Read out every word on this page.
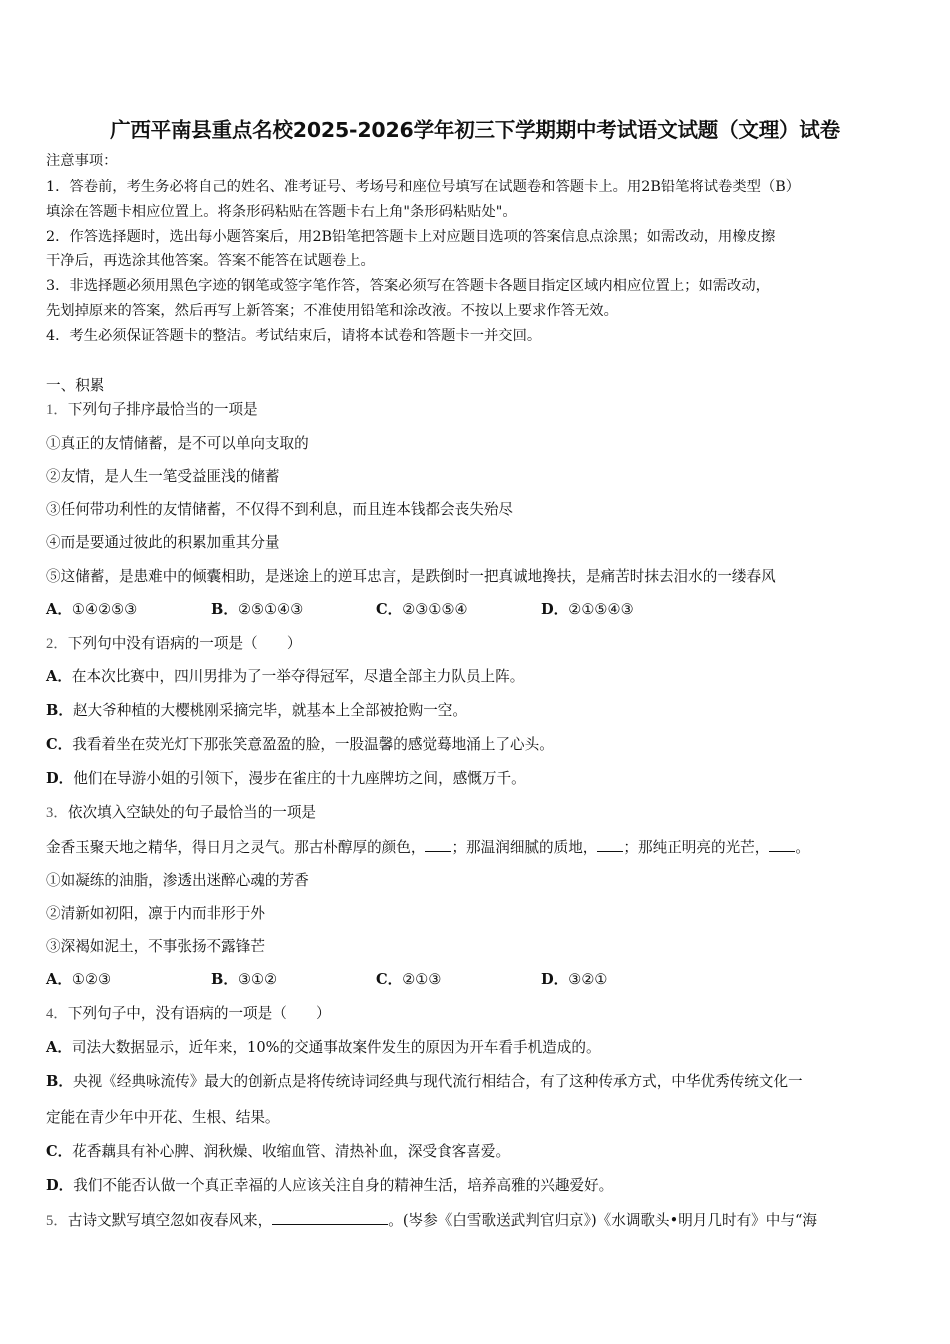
广西平南县重点名校2025-2026学年初三下学期期中考试语文试题（文理）试卷
注意事项：
1．答卷前，考生务必将自己的姓名、准考证号、考场号和座位号填写在试题卷和答题卡上。用2B铅笔将试卷类型（B）
填涂在答题卡相应位置上。将条形码粘贴在答题卡右上角"条形码粘贴处"。
2．作答选择题时，选出每小题答案后，用2B铅笔把答题卡上对应题目选项的答案信息点涂黑；如需改动，用橡皮擦
干净后，再选涂其他答案。答案不能答在试题卷上。
3．非选择题必须用黑色字迹的钢笔或签字笔作答，答案必须写在答题卡各题目指定区域内相应位置上；如需改动，
先划掉原来的答案，然后再写上新答案；不准使用铅笔和涂改液。不按以上要求作答无效。
4．考生必须保证答题卡的整洁。考试结束后，请将本试卷和答题卡一并交回。
一、积累
1．下列句子排序最恰当的一项是
①真正的友情储蓄，是不可以单向支取的
②友情，是人生一笔受益匪浅的储蓄
③任何带功利性的友情储蓄，不仅得不到利息，而且连本钱都会丧失殆尽
④而是要通过彼此的积累加重其分量
⑤这储蓄，是患难中的倾囊相助，是迷途上的逆耳忠言，是跌倒时一把真诚地搀扶，是痛苦时抹去泪水的一缕春风
A．①④②⑤③	B．②⑤①④③	C．②③①⑤④	D．②①⑤④③
2．下列句中没有语病的一项是（　　）
A．在本次比赛中，四川男排为了一举夺得冠军，尽遣全部主力队员上阵。
B．赵大爷种植的大樱桃刚采摘完毕，就基本上全部被抢购一空。
C．我看着坐在荧光灯下那张笑意盈盈的脸，一股温馨的感觉蓦地涌上了心头。
D．他们在导游小姐的引领下，漫步在雀庄的十九座牌坊之间，感慨万千。
3．依次填入空缺处的句子最恰当的一项是
金香玉聚天地之精华，得日月之灵气。那古朴醇厚的颜色， ；那温润细腻的质地， ；那纯正明亮的光芒， 。
①如凝练的油脂，渗透出迷醉心魂的芳香
②清新如初阳，凛于内而非形于外
③深褐如泥土，不事张扬不露锋芒
A．①②③	B．③①②	C．②①③	D．③②①
4．下列句子中，没有语病的一项是（　　）
A．司法大数据显示，近年来，10%的交通事故案件发生的原因为开车看手机造成的。
B．央视《经典咏流传》最大的创新点是将传统诗词经典与现代流行相结合，有了这种传承方式，中华优秀传统文化一
定能在青少年中开花、生根、结果。
C．花香藕具有补心脾、润秋燥、收缩血管、清热补血，深受食客喜爱。
D．我们不能否认做一个真正幸福的人应该关注自身的精神生活，培养高雅的兴趣爱好。
5．古诗文默写填空忽如夜春风来，	。(岑参《白雪歌送武判官归京》)《水调歌头•明月几时有》中与“海
